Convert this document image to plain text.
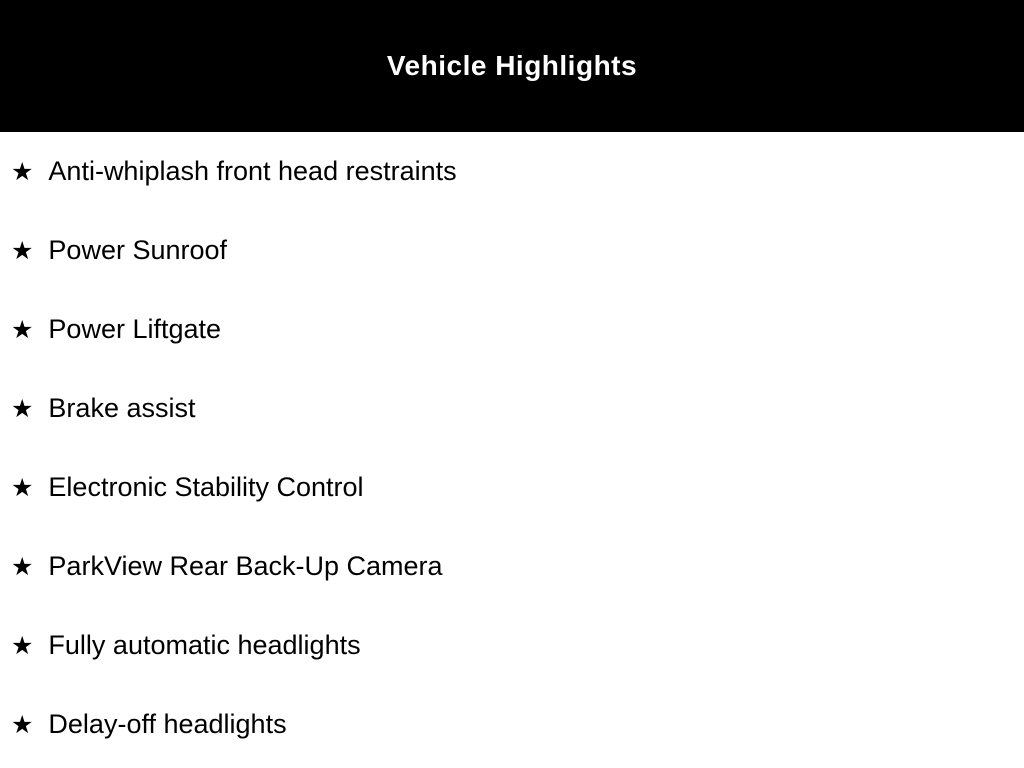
Vehicle Highlights
★ Anti-whiplash front head restraints
★ Power Sunroof
★ Power Liftgate
★ Brake assist
★ Electronic Stability Control
★ ParkView Rear Back-Up Camera
★ Fully automatic headlights
★ Delay-off headlights
